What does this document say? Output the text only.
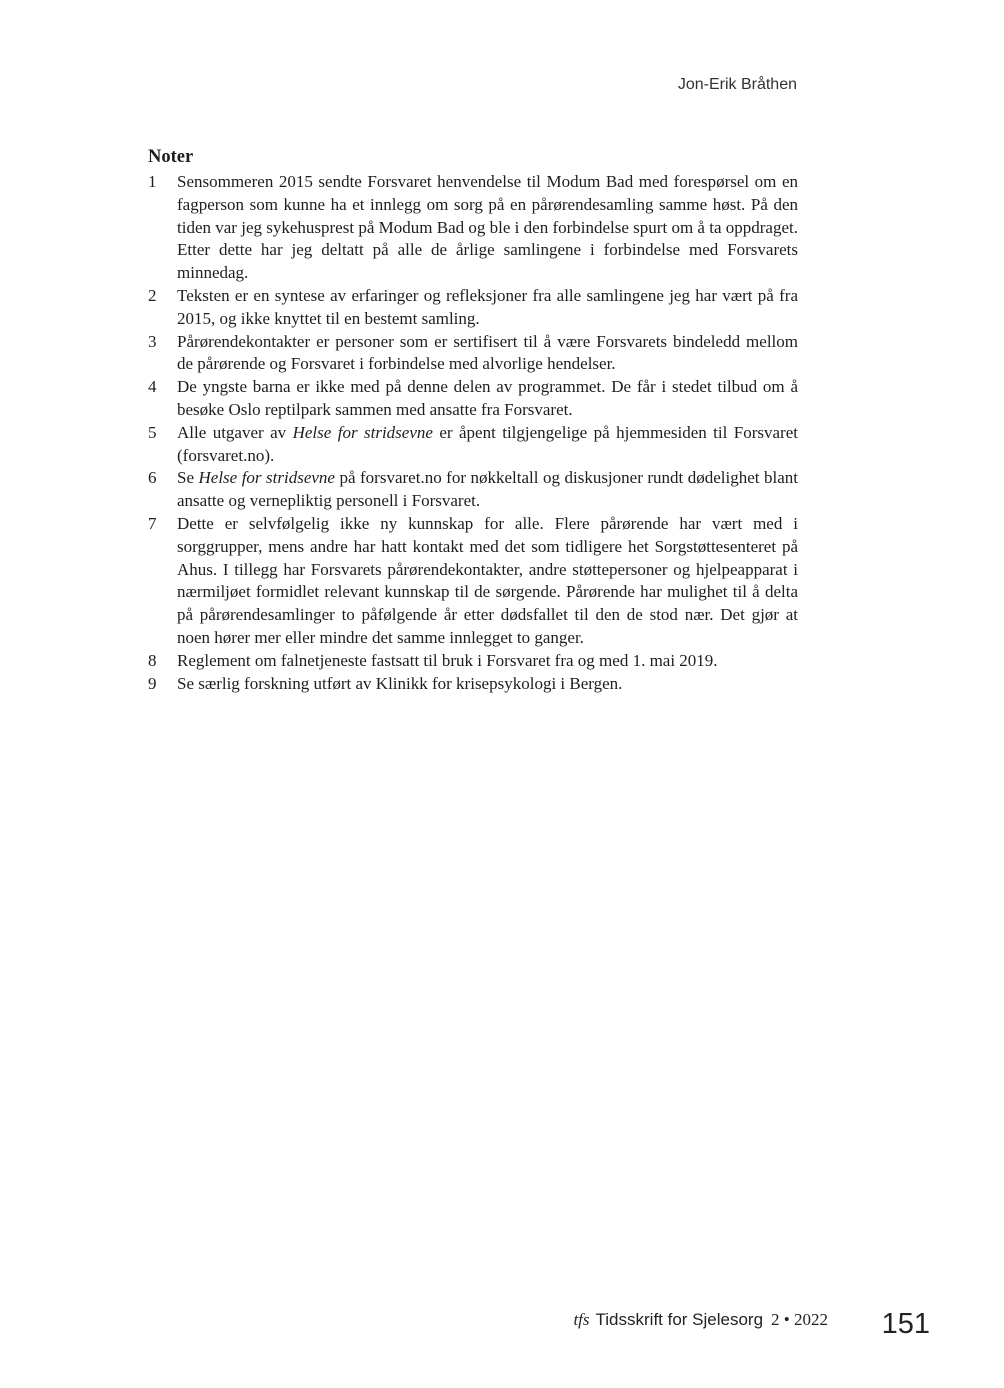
Jon-Erik Bråthen
Noter
1	Sensommeren 2015 sendte Forsvaret henvendelse til Modum Bad med forespørsel om en fagperson som kunne ha et innlegg om sorg på en pårørendesamling samme høst. På den tiden var jeg sykehusprest på Modum Bad og ble i den forbindelse spurt om å ta oppdraget. Etter dette har jeg deltatt på alle de årlige samlingene i forbindelse med Forsvarets minnedag.
2	Teksten er en syntese av erfaringer og refleksjoner fra alle samlingene jeg har vært på fra 2015, og ikke knyttet til en bestemt samling.
3	Pårørendekontakter er personer som er sertifisert til å være Forsvarets bindeledd mellom de pårørende og Forsvaret i forbindelse med alvorlige hendelser.
4	De yngste barna er ikke med på denne delen av programmet. De får i stedet tilbud om å besøke Oslo reptilpark sammen med ansatte fra Forsvaret.
5	Alle utgaver av Helse for stridsevne er åpent tilgjengelige på hjemmesiden til Forsvaret (forsvaret.no).
6	Se Helse for stridsevne på forsvaret.no for nøkkeltall og diskusjoner rundt dødelighet blant ansatte og vernepliktig personell i Forsvaret.
7	Dette er selvfølgelig ikke ny kunnskap for alle. Flere pårørende har vært med i sorggrupper, mens andre har hatt kontakt med det som tidligere het Sorgstøttesenteret på Ahus. I tillegg har Forsvarets pårørendekontakter, andre støttepersoner og hjelpeapparat i nærmiljøet formidlet relevant kunnskap til de sørgende. Pårørende har mulighet til å delta på pårørendesamlinger to påfølgende år etter dødsfallet til den de stod nær. Det gjør at noen hører mer eller mindre det samme innlegget to ganger.
8	Reglement om falnetjeneste fastsatt til bruk i Forsvaret fra og med 1. mai 2019.
9	Se særlig forskning utført av Klinikk for krisepsykologi i Bergen.
tfs Tidsskrift for Sjelesorg 2 • 2022 151
